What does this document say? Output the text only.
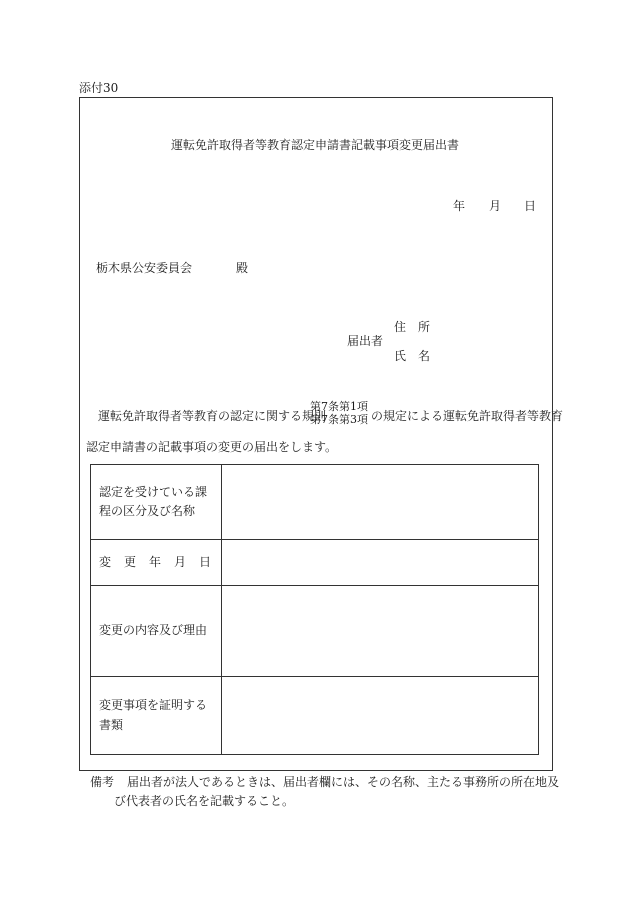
添付30
運転免許取得者等教育認定申請書記載事項変更届出書
年 月 日
栃木県公安委員会	殿
住　所
届出者
氏　名
運転免許取得者等教育の認定に関する規則
第7条第1項
第7条第3項 の規定による運転免許取得者等教育
認定申請書の記載事項の変更の届出をします。
認定を受けている課程の区分及び名称	
変更年月日	
変更の内容及び理由	
変更事項を証明する書類	
備考 届出者が法人であるときは、届出者欄には、その名称、主たる事務所の所在地及
び代表者の氏名を記載すること。
